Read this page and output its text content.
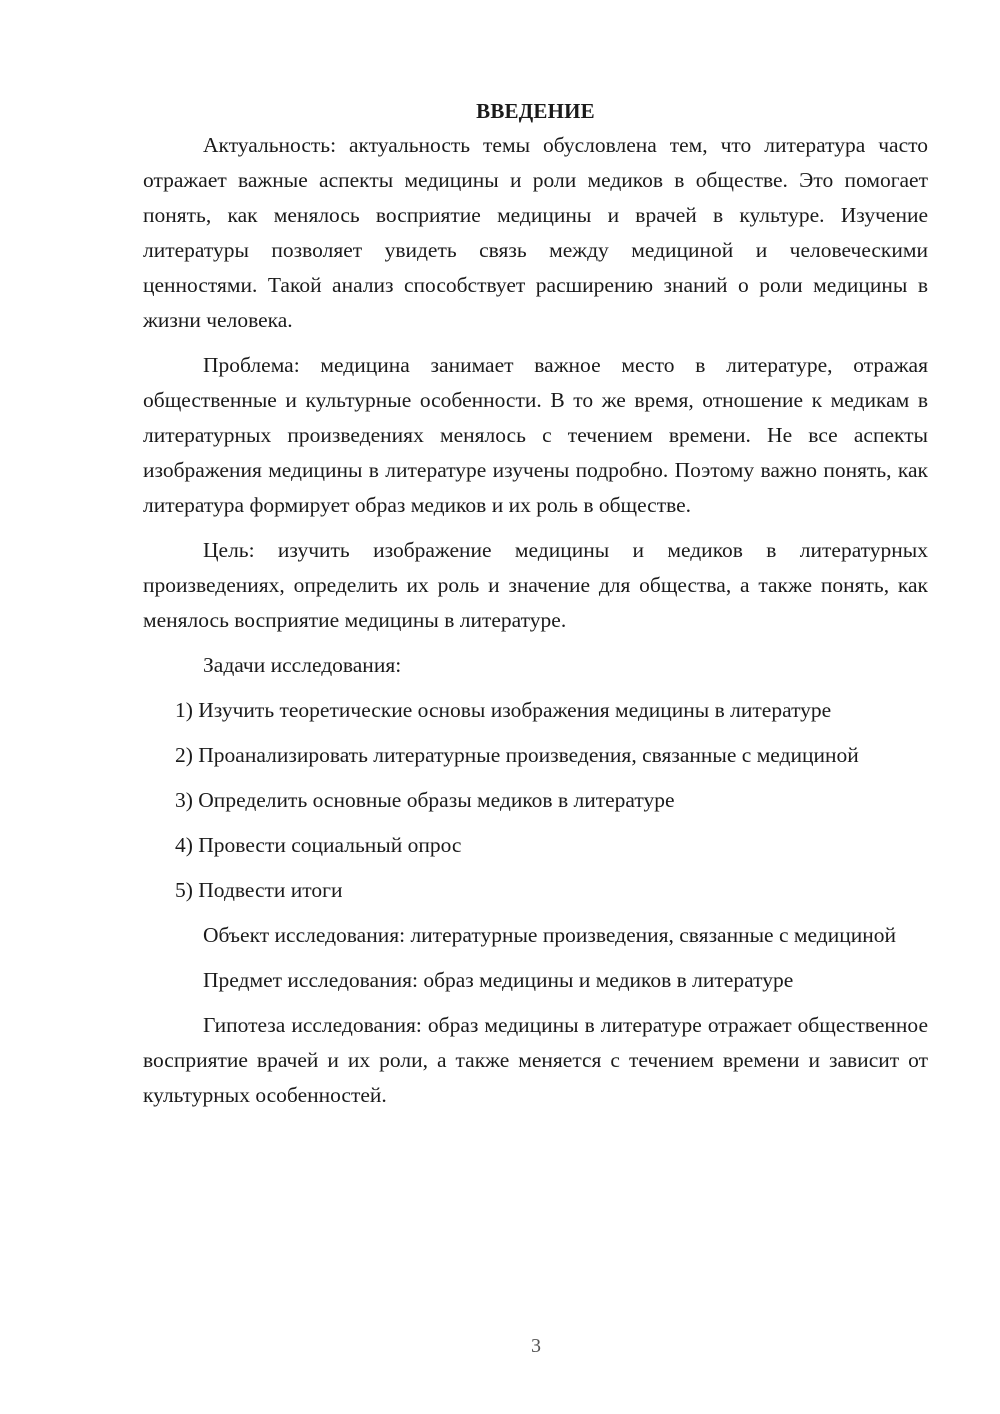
ВВЕДЕНИЕ

Актуальность: актуальность темы обусловлена тем, что литература часто отражает важные аспекты медицины и роли медиков в обществе. Это помогает понять, как менялось восприятие медицины и врачей в культуре. Изучение литературы позволяет увидеть связь между медициной и человеческими ценностями. Такой анализ способствует расширению знаний о роли медицины в жизни человека.

Проблема: медицина занимает важное место в литературе, отражая общественные и культурные особенности. В то же время, отношение к медикам в литературных произведениях менялось с течением времени. Не все аспекты изображения медицины в литературе изучены подробно. Поэтому важно понять, как литература формирует образ медиков и их роль в обществе.

Цель: изучить изображение медицины и медиков в литературных произведениях, определить их роль и значение для общества, а также понять, как менялось восприятие медицины в литературе.

Задачи исследования:

1) Изучить теоретические основы изображения медицины в литературе

2) Проанализировать литературные произведения, связанные с медициной

3) Определить основные образы медиков в литературе

4) Провести социальный опрос

5) Подвести итоги

Объект исследования: литературные произведения, связанные с медициной

Предмет исследования: образ медицины и медиков в литературе

Гипотеза исследования: образ медицины в литературе отражает общественное восприятие врачей и их роли, а также меняется с течением времени и зависит от культурных особенностей.

3
